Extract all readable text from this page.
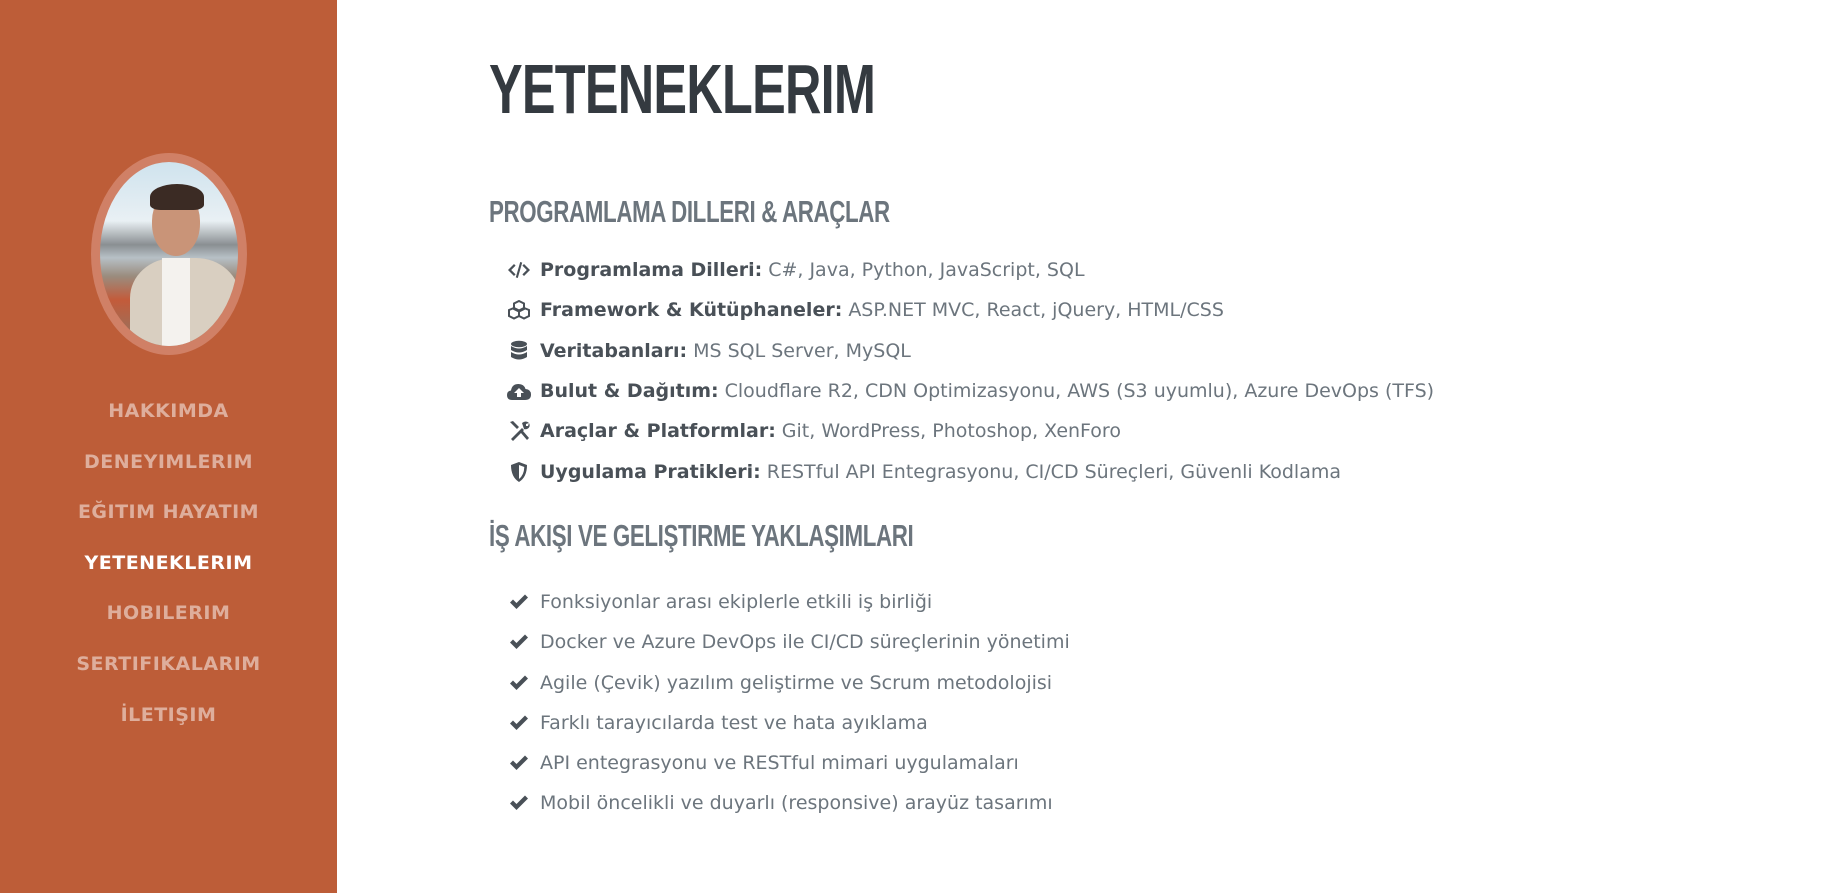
HAKKIMDA
DENEYIMLERIM
EĞITIM HAYATIM
YETENEKLERIM
HOBILERIM
SERTIFIKALARIM
İLETIŞIM
YETENEKLERIM
PROGRAMLAMA DILLERI & ARAÇLAR
Programlama Dilleri: C#, Java, Python, JavaScript, SQL
Framework & Kütüphaneler: ASP.NET MVC, React, jQuery, HTML/CSS
Veritabanları: MS SQL Server, MySQL
Bulut & Dağıtım: Cloudflare R2, CDN Optimizasyonu, AWS (S3 uyumlu), Azure DevOps (TFS)
Araçlar & Platformlar: Git, WordPress, Photoshop, XenForo
Uygulama Pratikleri: RESTful API Entegrasyonu, CI/CD Süreçleri, Güvenli Kodlama
İŞ AKIŞI VE GELIŞTIRME YAKLAŞIMLARI
Fonksiyonlar arası ekiplerle etkili iş birliği
Docker ve Azure DevOps ile CI/CD süreçlerinin yönetimi
Agile (Çevik) yazılım geliştirme ve Scrum metodolojisi
Farklı tarayıcılarda test ve hata ayıklama
API entegrasyonu ve RESTful mimari uygulamaları
Mobil öncelikli ve duyarlı (responsive) arayüz tasarımı
